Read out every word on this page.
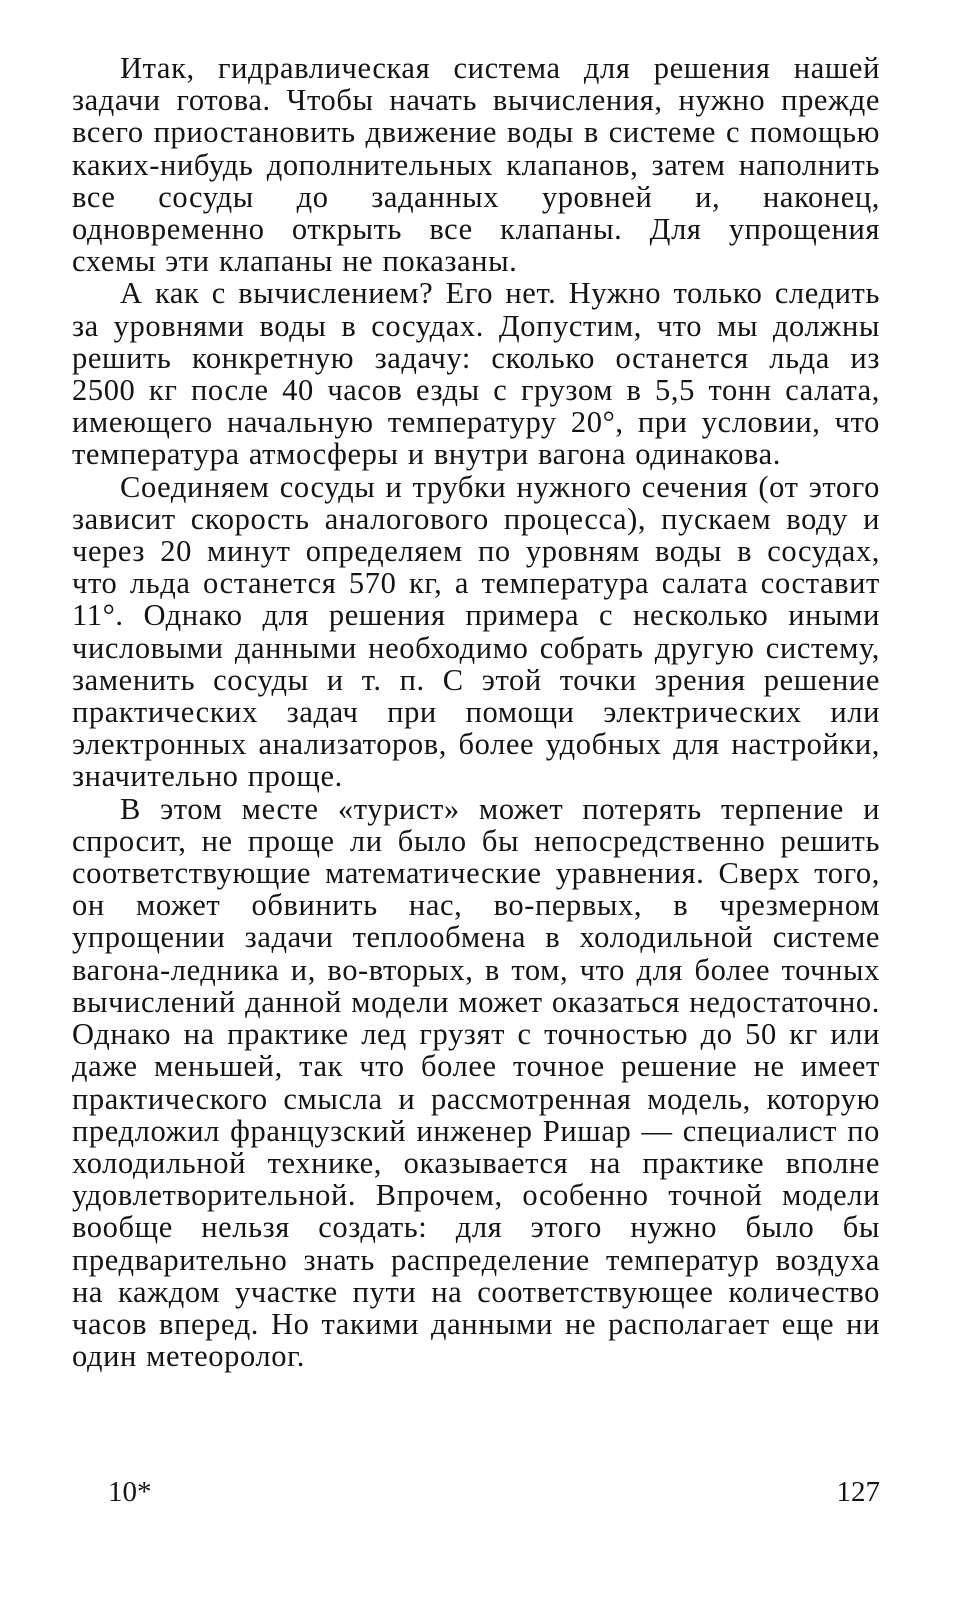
Итак, гидравлическая система для решения нашей задачи готова. Чтобы начать вычисления, нужно прежде всего приостановить движение воды в системе с помощью каких-нибудь дополнительных клапанов, затем наполнить все сосуды до заданных уровней и, наконец, одновременно открыть все клапаны. Для упрощения схемы эти клапаны не показаны.

А как с вычислением? Его нет. Нужно только следить за уровнями воды в сосудах. Допустим, что мы должны решить конкретную задачу: сколько останется льда из 2500 кг после 40 часов езды с грузом в 5,5 тонн салата, имеющего начальную температуру 20°, при условии, что температура атмосферы и внутри вагона одинакова.

Соединяем сосуды и трубки нужного сечения (от этого зависит скорость аналогового процесса), пускаем воду и через 20 минут определяем по уровням воды в сосудах, что льда останется 570 кг, а температура салата составит 11°. Однако для решения примера с несколько иными числовыми данными необходимо собрать другую систему, заменить сосуды и т. п. С этой точки зрения решение практических задач при помощи электрических или электронных анализаторов, более удобных для настройки, значительно проще.

В этом месте «турист» может потерять терпение и спросит, не проще ли было бы непосредственно решить соответствующие математические уравнения. Сверх того, он может обвинить нас, во-первых, в чрезмерном упрощении задачи теплообмена в холодильной системе вагона-ледника и, во-вторых, в том, что для более точных вычислений данной модели может оказаться недостаточно. Однако на практике лед грузят с точностью до 50 кг или даже меньшей, так что более точное решение не имеет практического смысла и рассмотренная модель, которую предложил французский инженер Ришар — специалист по холодильной технике, оказывается на практике вполне удовлетворительной. Впрочем, особенно точной модели вообще нельзя создать: для этого нужно было бы предварительно знать распределение температур воздуха на каждом участке пути на соответствующее количество часов вперед. Но такими данными не располагает еще ни один метеоролог.

10*	127
